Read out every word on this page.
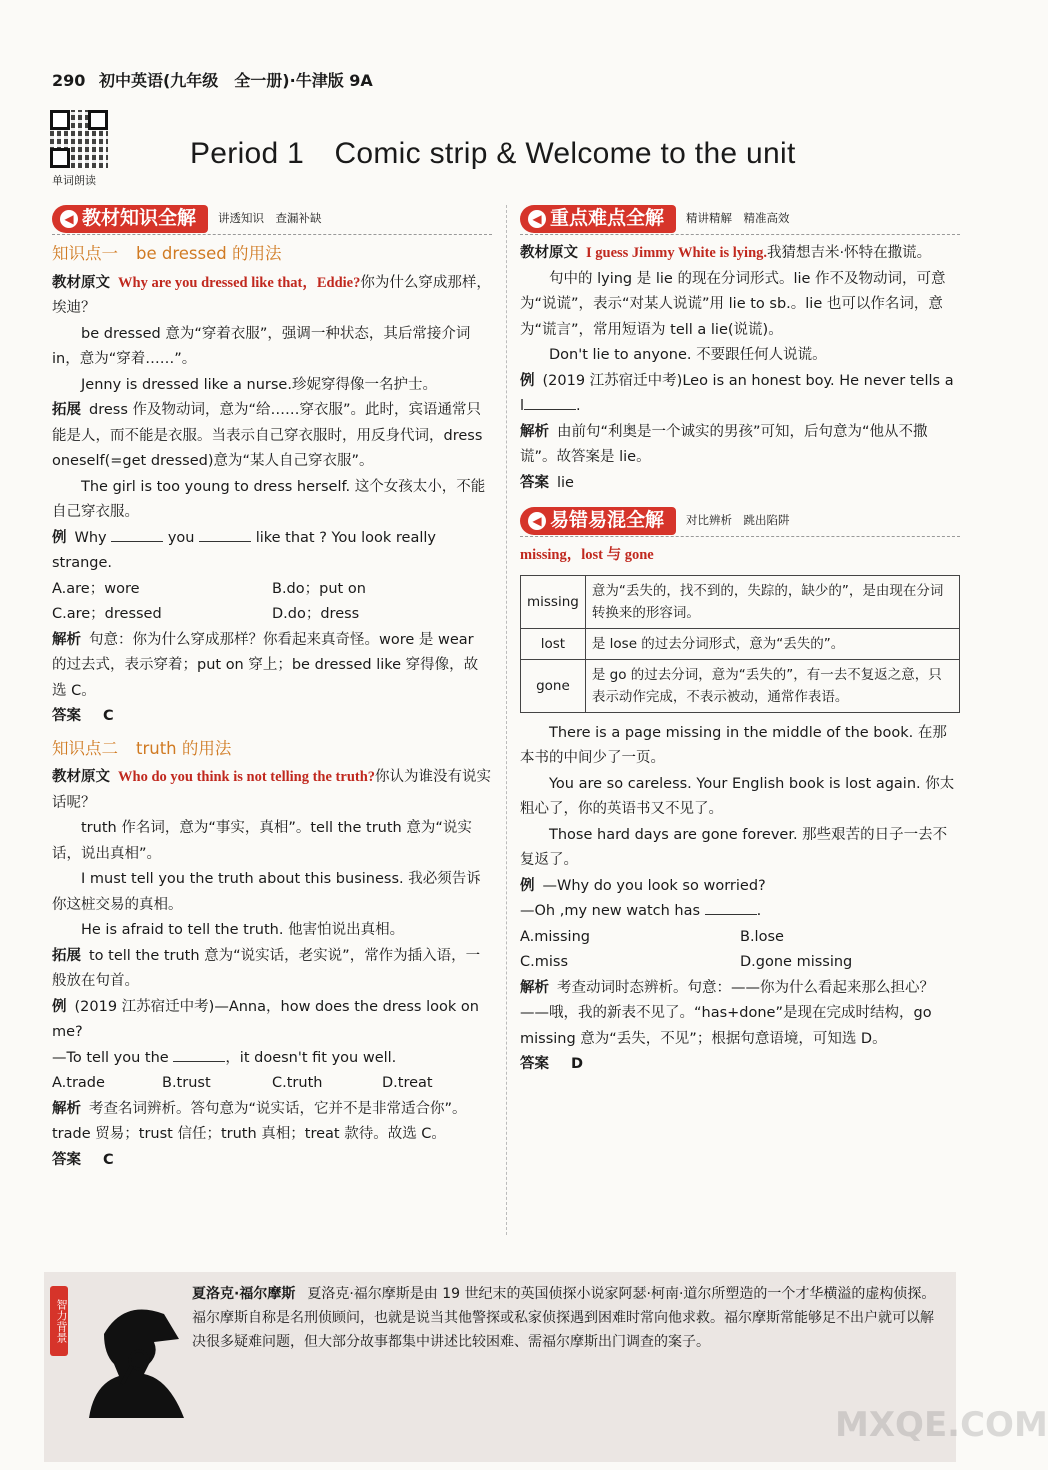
290 初中英语(九年级　全一册)·牛津版 9A
单词朗读
Period 1　Comic strip & Welcome to the unit
◀ 教材知识全解 讲透知识　查漏补缺
知识点一 be dressed 的用法

教材原文 Why are you dressed like that，Eddie?你为什么穿成那样，埃迪？

be dressed 意为“穿着衣服”，强调一种状态，其后常接介词 in，意为“穿着……”。

Jenny is dressed like a nurse.珍妮穿得像一名护士。

拓展 dress 作及物动词，意为“给……穿衣服”。此时，宾语通常只能是人，而不能是衣服。当表示自己穿衣服时，用反身代词，dress oneself(=get dressed)意为“某人自己穿衣服”。

The girl is too young to dress herself. 这个女孩太小，不能自己穿衣服。

例 Why	you	like that ? You look really strange.

A.are；wore	B.do；put on
C.are；dressed	D.do；dress

解析 句意：你为什么穿成那样？你看起来真奇怪。wore 是 wear 的过去式，表示穿着；put on 穿上；be dressed like 穿得像，故选 C。

答案 C

知识点二 truth 的用法

教材原文 Who do you think is not telling the truth?你认为谁没有说实话呢？

truth 作名词，意为“事实，真相”。tell the truth 意为“说实话，说出真相”。

I must tell you the truth about this business. 我必须告诉你这桩交易的真相。

He is afraid to tell the truth. 他害怕说出真相。

拓展 to tell the truth 意为“说实话，老实说”，常作为插入语，一般放在句首。

例 (2019 江苏宿迁中考)—Anna，how does the dress look on me?

—To tell you the	，it doesn't fit you well.

A.trade	B.trust	C.truth	D.treat

解析 考查名词辨析。答句意为“说实话，它并不是非常适合你”。trade 贸易；trust 信任；truth 真相；treat 款待。故选 C。

答案 C

◀ 重点难点全解 精讲精解　精准高效

教材原文 I guess Jimmy White is lying.我猜想吉米·怀特在撒谎。

句中的 lying 是 lie 的现在分词形式。lie 作不及物动词，可意为“说谎”，表示“对某人说谎”用 lie to sb.。lie 也可以作名词，意为“谎言”，常用短语为 tell a lie(说谎)。

Don't lie to anyone. 不要跟任何人说谎。

例 (2019 江苏宿迁中考)Leo is an honest boy. He never tells a l	.

解析 由前句“利奥是一个诚实的男孩”可知，后句意为“他从不撒谎”。故答案是 lie。

答案 lie

◀ 易错易混全解 对比辨析　跳出陷阱

missing，lost 与 gone

missing	意为“丢失的，找不到的，失踪的，缺少的”，是由现在分词转换来的形容词。
lost	是 lose 的过去分词形式，意为“丢失的”。
gone	是 go 的过去分词，意为“丢失的”，有一去不复返之意，只表示动作完成，不表示被动，通常作表语。

There is a page missing in the middle of the book. 在那本书的中间少了一页。

You are so careless. Your English book is lost again. 你太粗心了，你的英语书又不见了。

Those hard days are gone forever. 那些艰苦的日子一去不复返了。

例 —Why do you look so worried?

—Oh ,my new watch has	.

A.missing	B.lose
C.miss	D.gone missing

解析 考查动词时态辨析。句意：——你为什么看起来那么担心？——哦，我的新表不见了。“has+done”是现在完成时结构，go missing 意为“丢失，不见”；根据句意语境，可知选 D。

答案 D

智力背景
夏洛克·福尔摩斯 夏洛克·福尔摩斯是由 19 世纪末的英国侦探小说家阿瑟·柯南·道尔所塑造的一个才华横溢的虚构侦探。福尔摩斯自称是名刑侦顾问，也就是说当其他警探或私家侦探遇到困难时常向他求救。福尔摩斯常能够足不出户就可以解决很多疑难问题，但大部分故事都集中讲述比较困难、需福尔摩斯出门调查的案子。
MXQE.COM
